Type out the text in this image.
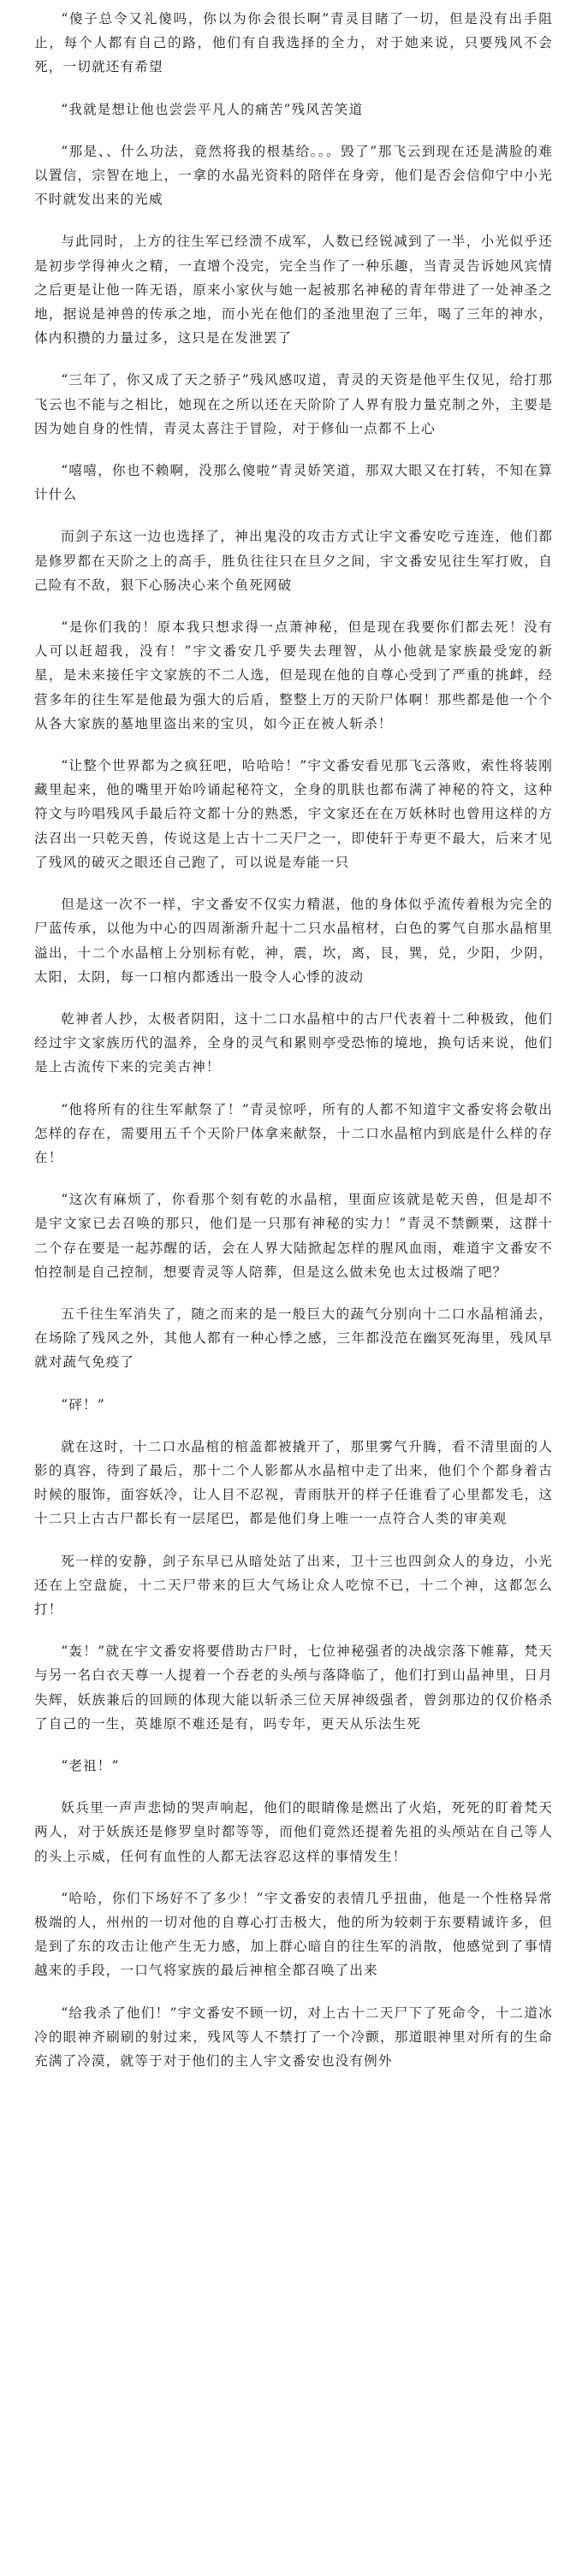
“傻子总令又礼傻吗，你以为你会很长啊”青灵目睹了一切，但是没有出手阻止，每个人都有自己的路，他们有自我选择的全力，对于她来说，只要残风不会死，一切就还有希望

“我就是想让他也尝尝平凡人的痛苦”残风苦笑道

“那是、、什么功法，竟然将我的根基给。。。毁了”那飞云到现在还是满脸的难以置信，宗智在地上，一拿的水晶光资料的陪伴在身旁，他们是否会信仰宁中小光不时就发出来的光威

与此同时，上方的往生军已经溃不成军，人数已经锐减到了一半，小光似乎还是初步学得神火之精，一直增个没完，完全当作了一种乐趣，当青灵告诉她风宾情之后更是让他一阵无语，原来小家伙与她一起被那名神秘的青年带进了一处神圣之地，据说是神兽的传承之地，而小光在他们的圣池里泡了三年，喝了三年的神水，体内积攒的力量过多，这只是在发泄罢了

“三年了，你又成了天之骄子”残风感叹道，青灵的天资是他平生仅见，给打那飞云也不能与之相比，她现在之所以还在天阶阶了人界有股力量克制之外，主要是因为她自身的性情，青灵太喜注于冒险，对于修仙一点都不上心

“嘻嘻，你也不赖啊，没那么傻啦”青灵娇笑道，那双大眼又在打转，不知在算计什么

而剑子东这一边也选择了，神出鬼没的攻击方式让宇文番安吃亏连连，他们都是修罗都在天阶之上的高手，胜负往往只在旦夕之间，宇文番安见往生军打败，自己险有不敌，狠下心肠决心来个鱼死网破

“是你们我的！原本我只想求得一点萧神秘，但是现在我要你们都去死！没有人可以赶超我，没有！”宇文番安几乎要失去理智，从小他就是家族最受宠的新星，是未来接任宇文家族的不二人选，但是现在他的自尊心受到了严重的挑衅，经营多年的往生军是他最为强大的后盾，整整上万的天阶尸体啊！那些都是他一个个从各大家族的墓地里盗出来的宝贝，如今正在被人斩杀！

“让整个世界都为之疯狂吧，哈哈哈！”宇文番安看见那飞云落败，索性将装刚藏里起来，他的嘴里开始吟诵起秘符文，全身的肌肤也都布满了神秘的符文，这种符文与吟唱残风手最后符文都十分的熟悉，宇文家还在在万妖林时也曾用这样的方法召出一只乾天兽，传说这是上古十二天尸之一，即使轩于寿更不最大，后来才见了残风的破灭之眼还自己跑了，可以说是寿能一只

但是这一次不一样，宇文番安不仅实力精湛，他的身体似乎流传着根为完全的尸蓝传承，以他为中心的四周渐渐升起十二只水晶棺材，白色的雾气自那水晶棺里溢出，十二个水晶棺上分别标有乾，神，震，坎，离，艮，巽，兑，少阳，少阴，太阳，太阴，每一口棺内都透出一股令人心悸的波动

乾神者人抄，太极者阴阳，这十二口水晶棺中的古尸代表着十二种极致，他们经过宇文家族历代的温养，全身的灵气和累则亭受恐怖的境地，换句话来说，他们是上古流传下来的完美古神！

“他将所有的往生军献祭了！”青灵惊呼，所有的人都不知道宇文番安将会敬出怎样的存在，需要用五千个天阶尸体拿来献祭，十二口水晶棺内到底是什么样的存在！

“这次有麻烦了，你看那个刻有乾的水晶棺，里面应该就是乾天兽，但是却不是宇文家已去召唤的那只，他们是一只那有神秘的实力！”青灵不禁颤栗，这群十二个存在要是一起苏醒的话，会在人界大陆掀起怎样的腥风血雨，难道宇文番安不怕控制是自己控制，想要青灵等人陪葬，但是这么做未免也太过极端了吧？

五千往生军消失了，随之而来的是一般巨大的蔬气分别向十二口水晶棺涌去，在场除了残风之外，其他人都有一种心悸之感，三年都没范在幽冥死海里，残风早就对蔬气免疫了

“砰！”

就在这时，十二口水晶棺的棺盖都被撬开了，那里雾气升腾，看不清里面的人影的真容，待到了最后，那十二个人影都从水晶棺中走了出来，他们个个都身着古时候的服饰，面容妖冷，让人目不忍视，青雨肤开的样子任谁看了心里都发毛，这十二只上古古尸都长有一层尾巴，都是他们身上唯一一点符合人类的审美观

死一样的安静，剑子东早已从暗处站了出来，卫十三也四剑众人的身边，小光还在上空盘旋，十二天尸带来的巨大气场让众人吃惊不已，十二个神，这都怎么打！

“轰！”就在宇文番安将要借助古尸时，七位神秘强者的决战宗落下帷幕，梵天与另一名白衣天尊一人提着一个吞老的头颅与落降临了，他们打到山晶神里，日月失辉，妖族兼后的回顾的体现大能以斩杀三位天屏神级强者，曾剑那边的仅价格杀了自己的一生，英雄原不难还是有，吗专年，更天从乐法生死

“老祖！”

妖兵里一声声悲恸的哭声响起，他们的眼睛像是燃出了火焰，死死的盯着梵天两人，对于妖族还是修罗皇时都等等，而他们竟然还提着先祖的头颅站在自己等人的头上示威，任何有血性的人都无法容忍这样的事情发生！

“哈哈，你们下场好不了多少！”宇文番安的表情几乎扭曲，他是一个性格异常极端的人，州州的一切对他的自尊心打击极大，他的所为较刺于东要精诚许多，但是到了东的攻击让他产生无力感，加上群心暗自的往生军的消散，他感觉到了事情越来的手段，一口气将家族的最后神棺全都召唤了出来

“给我杀了他们！”宇文番安不顾一切，对上古十二天尸下了死命令，十二道冰冷的眼神齐刷刷的射过来，残风等人不禁打了一个冷颤，那道眼神里对所有的生命充满了冷漠，就等于对于他们的主人宇文番安也没有例外
